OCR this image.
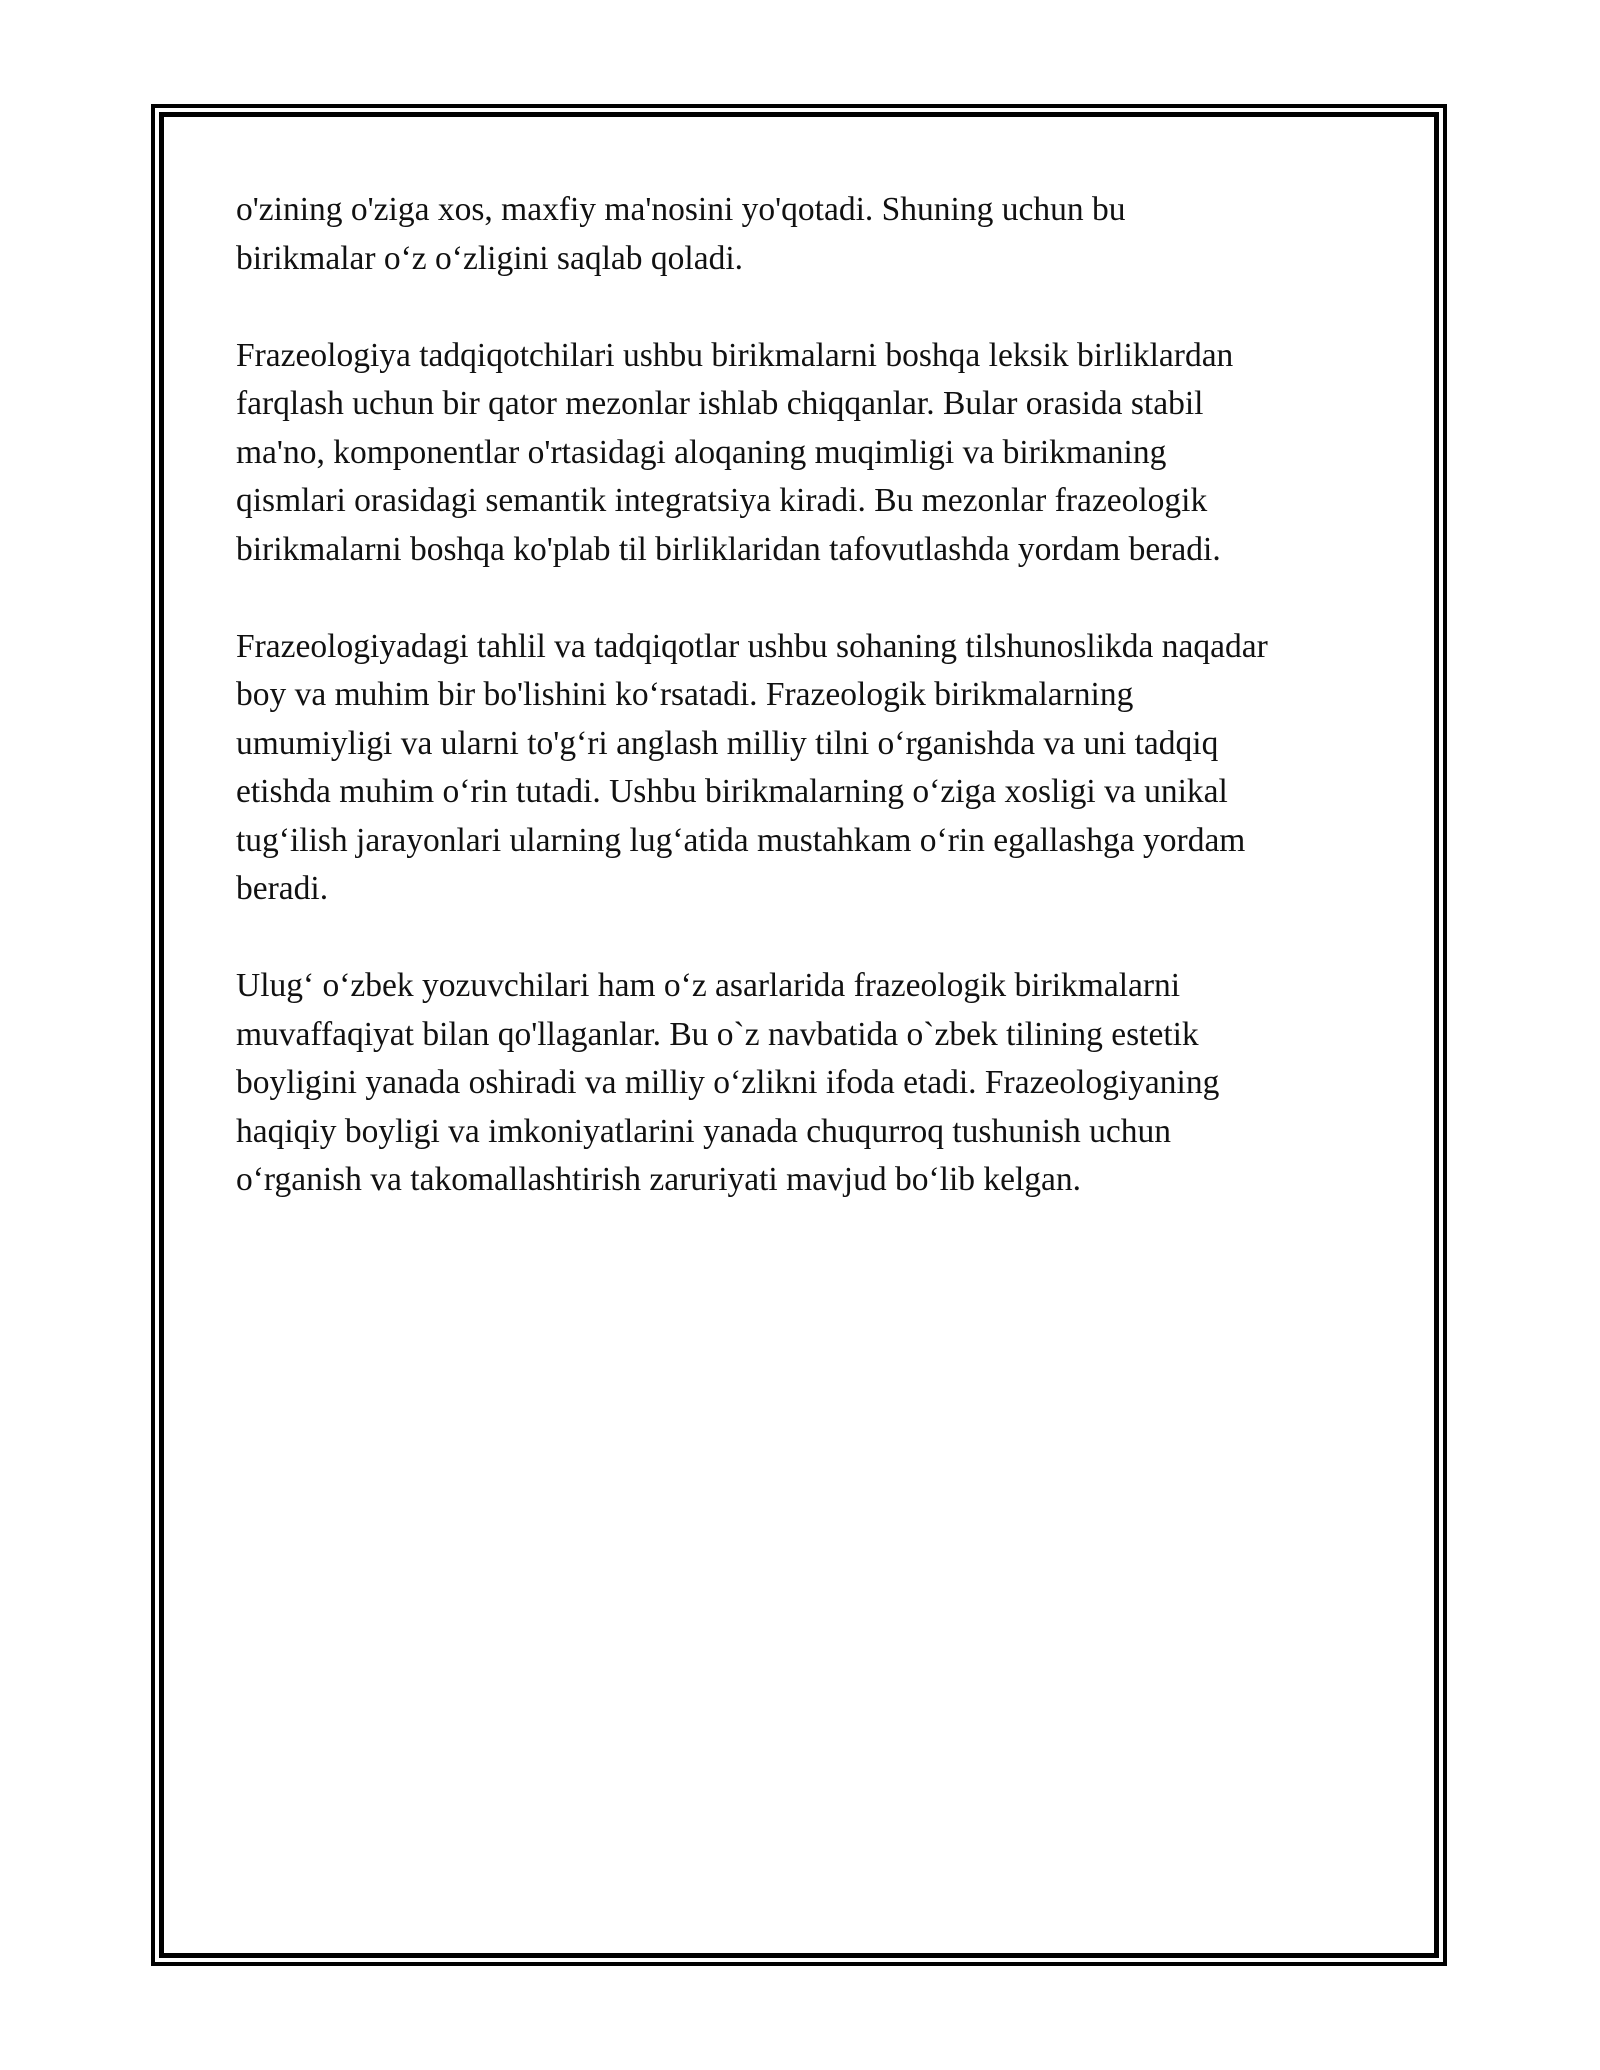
o'zining o'ziga xos, maxfiy ma'nosini yo'qotadi. Shuning uchun bu
birikmalar o‘z o‘zligini saqlab qoladi.

Frazeologiya tadqiqotchilari ushbu birikmalarni boshqa leksik birliklardan
farqlash uchun bir qator mezonlar ishlab chiqqanlar. Bular orasida stabil
ma'no, komponentlar o'rtasidagi aloqaning muqimligi va birikmaning
qismlari orasidagi semantik integratsiya kiradi. Bu mezonlar frazeologik
birikmalarni boshqa ko'plab til birliklaridan tafovutlashda yordam beradi.

Frazeologiyadagi tahlil va tadqiqotlar ushbu sohaning tilshunoslikda naqadar
boy va muhim bir bo'lishini ko‘rsatadi. Frazeologik birikmalarning
umumiyligi va ularni to'g‘ri anglash milliy tilni o‘rganishda va uni tadqiq
etishda muhim o‘rin tutadi. Ushbu birikmalarning o‘ziga xosligi va unikal
tug‘ilish jarayonlari ularning lug‘atida mustahkam o‘rin egallashga yordam
beradi.

Ulug‘ o‘zbek yozuvchilari ham o‘z asarlarida frazeologik birikmalarni
muvaffaqiyat bilan qo'llaganlar. Bu o`z navbatida o`zbek tilining estetik
boyligini yanada oshiradi va milliy o‘zlikni ifoda etadi. Frazeologiyaning
haqiqiy boyligi va imkoniyatlarini yanada chuqurroq tushunish uchun
o‘rganish va takomallashtirish zaruriyati mavjud bo‘lib kelgan.
